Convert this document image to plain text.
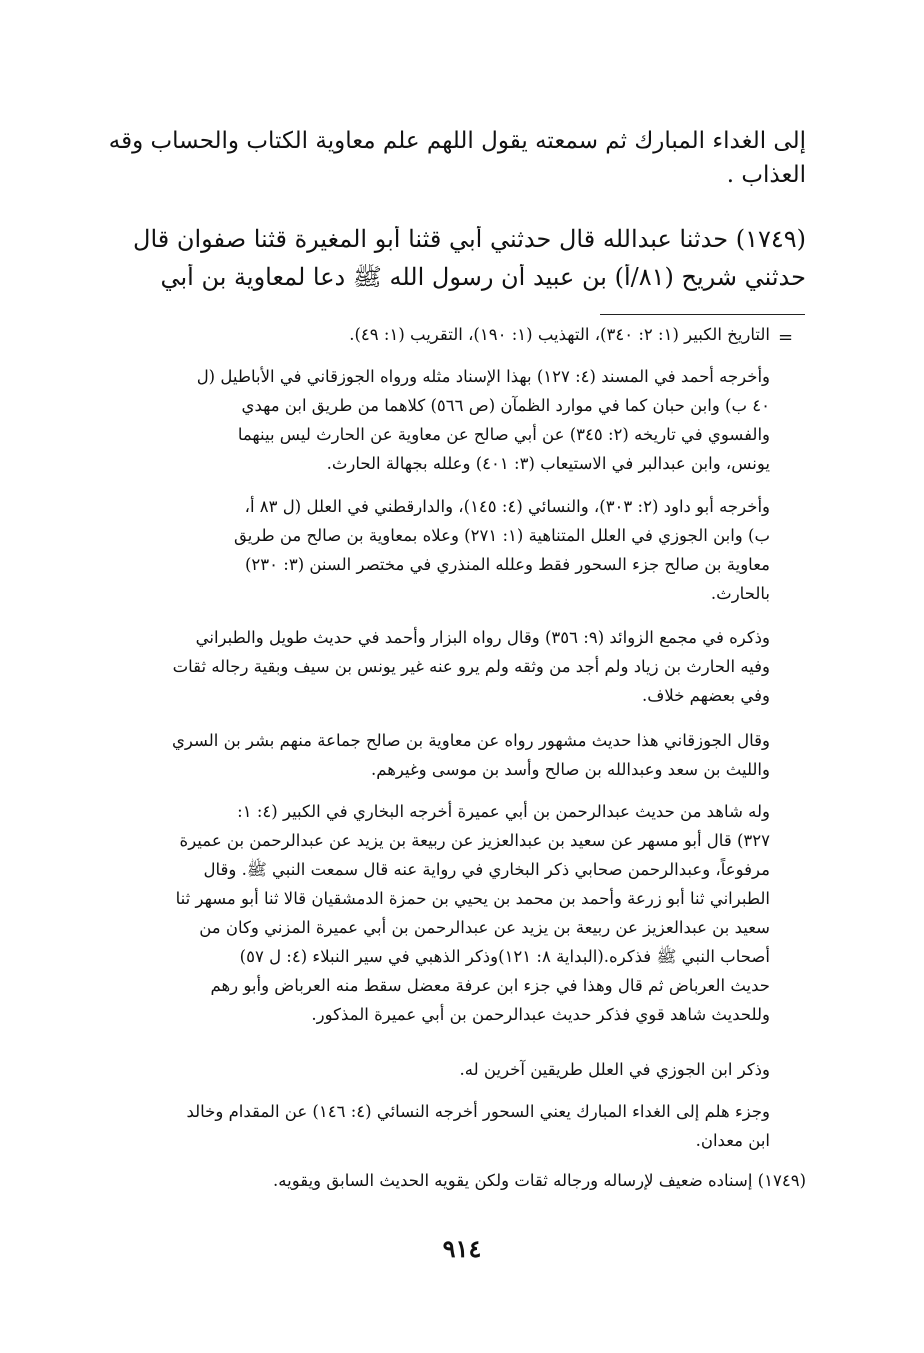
إلى الغداء المبارك ثم سمعته يقول اللهم علم معاوية الكتاب والحساب وقه
العذاب .
(١٧٤٩) حدثنا عبدالله قال حدثني أبي قثنا أبو المغيرة قثنا صفوان قال
حدثني شريح (٨١/أ) بن عبيد أن رسول الله ﷺ دعا لمعاوية بن أبي
=
التاريخ الكبير (١: ٢: ٣٤٠)، التهذيب (١: ١٩٠)، التقريب (١: ٤٩).
وأخرجه أحمد في المسند (٤: ١٢٧) بهذا الإسناد مثله ورواه الجوزقاني في الأباطيل (ل
٤٠ ب) وابن حبان كما في موارد الظمآن (ص ٥٦٦) كلاهما من طريق ابن مهدي
والفسوي في تاريخه (٢: ٣٤٥) عن أبي صالح عن معاوية عن الحارث ليس بينهما
يونس، وابن عبدالبر في الاستيعاب (٣: ٤٠١) وعلله بجهالة الحارث.
وأخرجه أبو داود (٢: ٣٠٣)، والنسائي (٤: ١٤٥)، والدارقطني في العلل (ل ٨٣ أ،
ب) وابن الجوزي في العلل المتناهية (١: ٢٧١) وعلاه بمعاوية بن صالح من طريق
معاوية بن صالح جزء السحور فقط وعلله المنذري في مختصر السنن (٣: ٢٣٠)
بالحارث.
وذكره في مجمع الزوائد (٩: ٣٥٦) وقال رواه البزار وأحمد في حديث طويل والطبراني
وفيه الحارث بن زياد ولم أجد من وثقه ولم يرو عنه غير يونس بن سيف وبقية رجاله ثقات
وفي بعضهم خلاف.
وقال الجوزقاني هذا حديث مشهور رواه عن معاوية بن صالح جماعة منهم بشر بن السري
والليث بن سعد وعبدالله بن صالح وأسد بن موسى وغيرهم.
وله شاهد من حديث عبدالرحمن بن أبي عميرة أخرجه البخاري في الكبير (٤: ١:
٣٢٧) قال أبو مسهر عن سعيد بن عبدالعزيز عن ربيعة بن يزيد عن عبدالرحمن بن عميرة
مرفوعاً، وعبدالرحمن صحابي ذكر البخاري في رواية عنه قال سمعت النبي ﷺ. وقال
الطبراني ثنا أبو زرعة وأحمد بن محمد بن يحيي بن حمزة الدمشقيان قالا ثنا أبو مسهر ثنا
سعيد بن عبدالعزيز عن ربيعة بن يزيد عن عبدالرحمن بن أبي عميرة المزني وكان من
أصحاب النبي ﷺ فذكره.(البداية ٨: ١٢١)وذكر الذهبي في سير النبلاء (٤: ل ٥٧)
حديث العرباض ثم قال وهذا في جزء ابن عرفة معضل سقط منه العرباض وأبو رهم
وللحديث شاهد قوي فذكر حديث عبدالرحمن بن أبي عميرة المذكور.
وذكر ابن الجوزي في العلل طريقين آخرين له.
وجزء هلم إلى الغداء المبارك يعني السحور أخرجه النسائي (٤: ١٤٦) عن المقدام وخالد
ابن معدان.
(١٧٤٩) إسناده ضعيف لإرساله ورجاله ثقات ولكن يقويه الحديث السابق ويقويه.
٩١٤
